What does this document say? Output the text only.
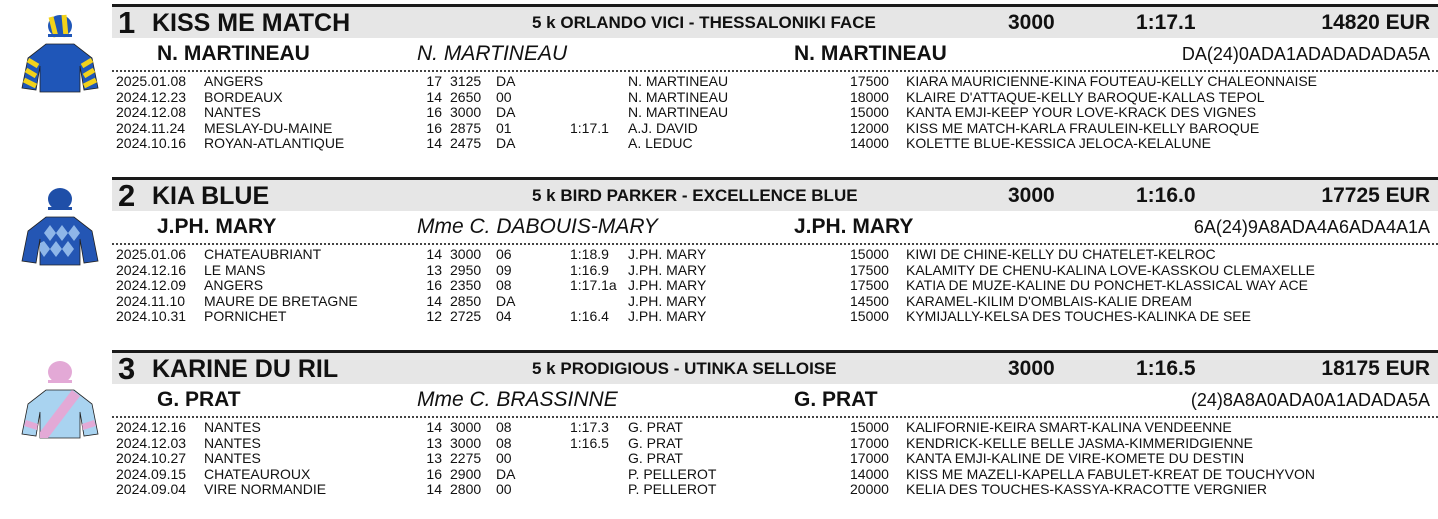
1 KISS ME MATCH	5 k ORLANDO VICI - THESSALONIKI FACE	3000	1:17.1	14820 EUR
N. MARTINEAU	N. MARTINEAU	N. MARTINEAU	DA(24)0ADA1ADADADADA5A
2025.01.08 ANGERS	17 3125 DA	N. MARTINEAU	17500 KIARA MAURICIENNE-KINA FOUTEAU-KELLY CHALEONNAISE
2024.12.23 BORDEAUX	14 2650 00	N. MARTINEAU	18000 KLAIRE D'ATTAQUE-KELLY BAROQUE-KALLAS TEPOL
2024.12.08 NANTES	16 3000 DA	N. MARTINEAU	15000 KANTA EMJI-KEEP YOUR LOVE-KRACK DES VIGNES
2024.11.24 MESLAY-DU-MAINE	16 2875 01	1:17.1 A.J. DAVID	12000 KISS ME MATCH-KARLA FRAULEIN-KELLY BAROQUE
2024.10.16 ROYAN-ATLANTIQUE	14 2475 DA	A. LEDUC	14000 KOLETTE BLUE-KESSICA JELOCA-KELALUNE
2 KIA BLUE	5 k BIRD PARKER - EXCELLENCE BLUE	3000	1:16.0	17725 EUR
J.PH. MARY	Mme C. DABOUIS-MARY	J.PH. MARY	6A(24)9A8ADA4A6ADA4A1A
2025.01.06 CHATEAUBRIANT	14 3000 06	1:18.9 J.PH. MARY	15000 KIWI DE CHINE-KELLY DU CHATELET-KELROC
2024.12.16 LE MANS	13 2950 09	1:16.9 J.PH. MARY	17500 KALAMITY DE CHENU-KALINA LOVE-KASSKOU CLEMAXELLE
2024.12.09 ANGERS	16 2350 08	1:17.1a J.PH. MARY	17500 KATIA DE MUZE-KALINE DU PONCHET-KLASSICAL WAY ACE
2024.11.10 MAURE DE BRETAGNE	14 2850 DA	J.PH. MARY	14500 KARAMEL-KILIM D'OMBLAIS-KALIE DREAM
2024.10.31 PORNICHET	12 2725 04	1:16.4 J.PH. MARY	15000 KYMIJALLY-KELSA DES TOUCHES-KALINKA DE SEE
3 KARINE DU RIL	5 k PRODIGIOUS - UTINKA SELLOISE	3000	1:16.5	18175 EUR
G. PRAT	Mme C. BRASSINNE	G. PRAT	(24)8A8A0ADA0A1ADADA5A
2024.12.16 NANTES	14 3000 08	1:17.3 G. PRAT	15000 KALIFORNIE-KEIRA SMART-KALINA VENDEENNE
2024.12.03 NANTES	13 3000 08	1:16.5 G. PRAT	17000 KENDRICK-KELLE BELLE JASMA-KIMMERIDGIENNE
2024.10.27 NANTES	13 2275 00	G. PRAT	17000 KANTA EMJI-KALINE DE VIRE-KOMETE DU DESTIN
2024.09.15 CHATEAUROUX	16 2900 DA	P. PELLEROT	14000 KISS ME MAZELI-KAPELLA FABULET-KREAT DE TOUCHYVON
2024.09.04 VIRE NORMANDIE	14 2800 00	P. PELLEROT	20000 KELIA DES TOUCHES-KASSYA-KRACOTTE VERGNIER
